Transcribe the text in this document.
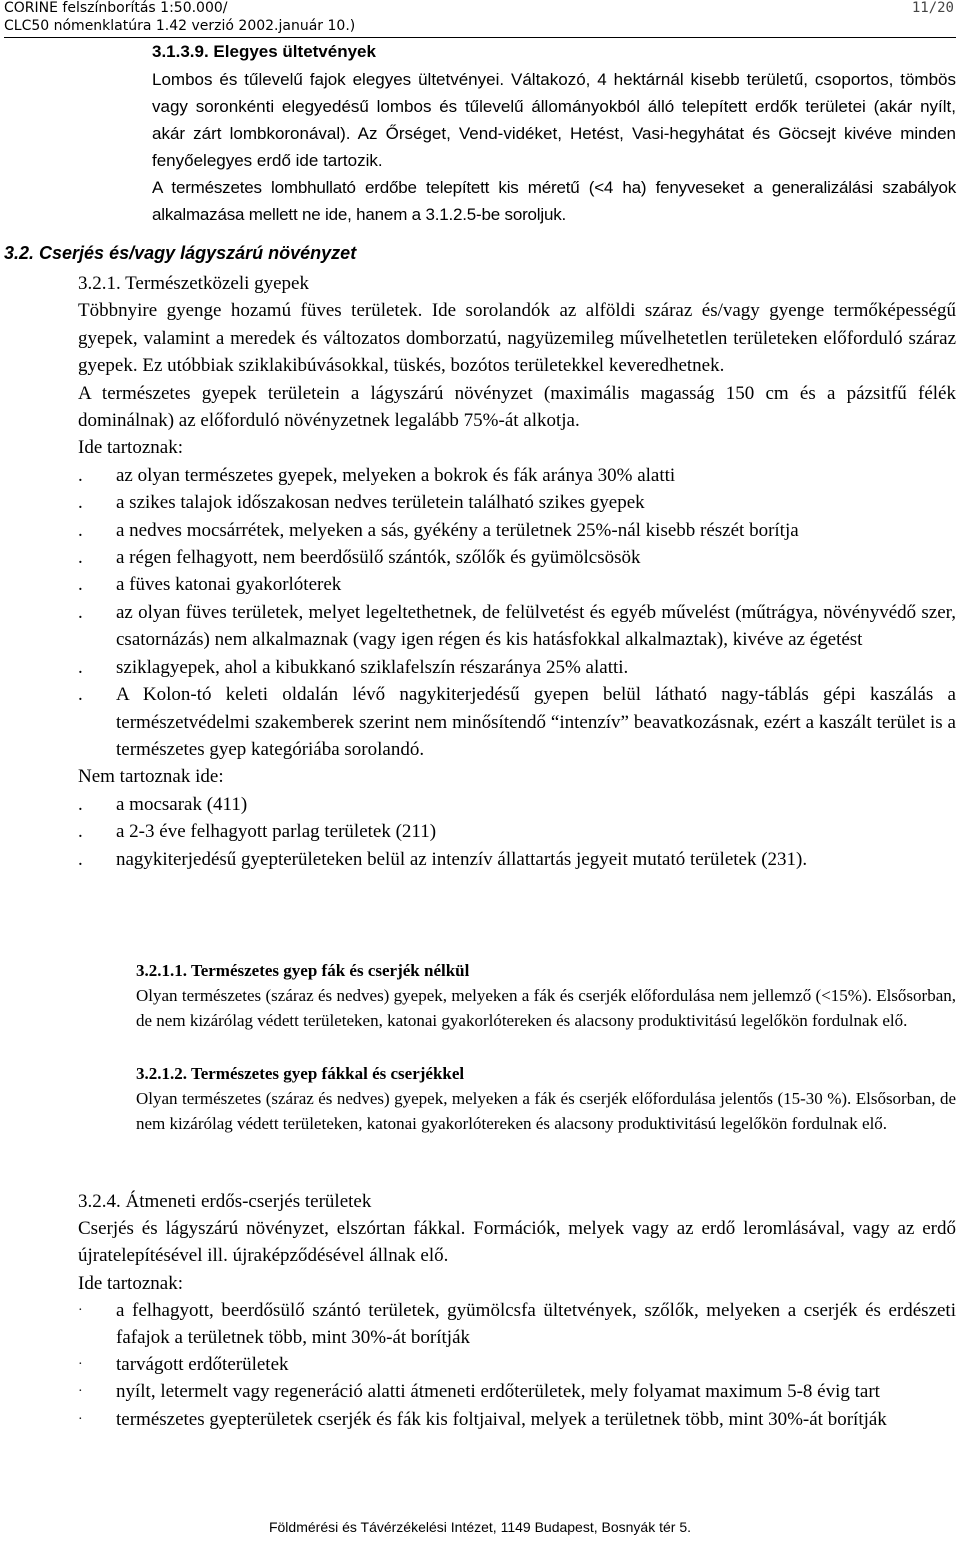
CORINE felszínborítás 1:50.000/
CLC50 nómenklatúra 1.42 verzió 2002.január 10.)
11/20
3.1.3.9. Elegyes ültetvények

Lombos és tűlevelű fajok elegyes ültetvényei. Váltakozó, 4 hektárnál kisebb területű, csoportos, tömbös vagy soronkénti elegyedésű lombos és tűlevelű állományokból álló telepített erdők területei (akár nyílt, akár zárt lombkoronával). Az Őrséget, Vend-vidéket, Hetést, Vasi-hegyhátat és Göcsejt kivéve minden fenyőelegyes erdő ide tartozik.

A természetes lombhullató erdőbe telepített kis méretű (<4 ha) fenyveseket a generalizálási szabályok alkalmazása mellett ne ide, hanem a 3.1.2.5-be soroljuk.

3.2. Cserjés és/vagy lágyszárú növényzet

3.2.1. Természetközeli gyepek

Többnyire gyenge hozamú füves területek. Ide sorolandók az alföldi száraz és/vagy gyenge termőképességű gyepek, valamint a meredek és változatos domborzatú, nagyüzemileg művelhetetlen területeken előforduló száraz gyepek. Ez utóbbiak sziklakibúvásokkal, tüskés, bozótos területekkel keveredhetnek.

A természetes gyepek területein a lágyszárú növényzet (maximális magasság 150 cm és a pázsitfű félék dominálnak) az előforduló növényzetnek legalább 75%-át alkotja.

Ide tartoznak:

. az olyan természetes gyepek, melyeken a bokrok és fák aránya 30% alatti
. a szikes talajok időszakosan nedves területein található szikes gyepek
. a nedves mocsárrétek, melyeken a sás, gyékény a területnek 25%-nál kisebb részét borítja
. a régen felhagyott, nem beerdősülő szántók, szőlők és gyümölcsösök
. a füves katonai gyakorlóterek
. az olyan füves területek, melyet legeltethetnek, de felülvetést és egyéb művelést (műtrágya, növényvédő szer, csatornázás) nem alkalmaznak (vagy igen régen és kis hatásfokkal alkalmaztak), kivéve az égetést
. sziklagyepek, ahol a kibukkanó sziklafelszín részaránya 25% alatti.
. A Kolon-tó keleti oldalán lévő nagykiterjedésű gyepen belül látható nagy-táblás gépi kaszálás a természetvédelmi szakemberek szerint nem minősítendő “intenzív” beavatkozásnak, ezért a kaszált terület is a természetes gyep kategóriába sorolandó.

Nem tartoznak ide:

. a mocsarak (411)
. a 2-3 éve felhagyott parlag területek (211)
. nagykiterjedésű gyepterületeken belül az intenzív állattartás jegyeit mutató területek (231).
3.2.1.1. Természetes gyep fák és cserjék nélkül
Olyan természetes (száraz és nedves) gyepek, melyeken a fák és cserjék előfordulása nem jellemző (<15%). Elsősorban, de nem kizárólag védett területeken, katonai gyakorlótereken és alacsony produktivitású legelőkön fordulnak elő.
3.2.1.2. Természetes gyep fákkal és cserjékkel
Olyan természetes (száraz és nedves) gyepek, melyeken a fák és cserjék előfordulása jelentős (15-30 %). Elsősorban, de nem kizárólag védett területeken, katonai gyakorlótereken és alacsony produktivitású legelőkön fordulnak elő.

3.2.4. Átmeneti erdős-cserjés területek

Cserjés és lágyszárú növényzet, elszórtan fákkal. Formációk, melyek vagy az erdő leromlásával, vagy az erdő újratelepítésével ill. újraképződésével állnak elő.

Ide tartoznak:

· a felhagyott, beerdősülő szántó területek, gyümölcsfa ültetvények, szőlők, melyeken a cserjék és erdészeti fafajok a területnek több, mint 30%-át borítják
· tarvágott erdőterületek
· nyílt, letermelt vagy regeneráció alatti átmeneti erdőterületek, mely folyamat maximum 5-8 évig tart
· természetes gyepterületek cserjék és fák kis foltjaival, melyek a területnek több, mint 30%-át borítják
Földmérési és Távérzékelési Intézet, 1149 Budapest, Bosnyák tér 5.
